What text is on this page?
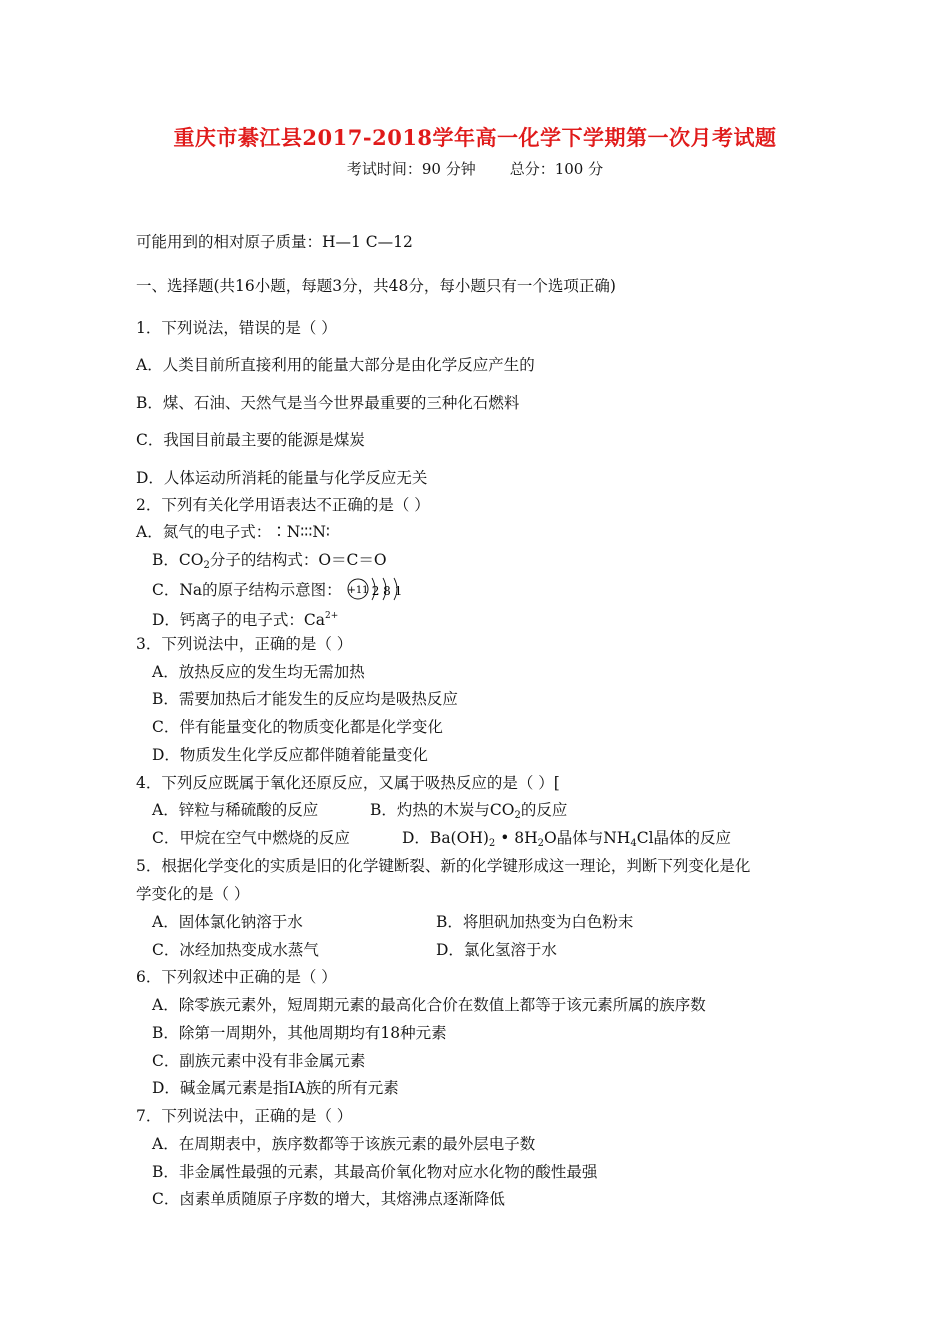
重庆市綦江县2017-2018学年高一化学下学期第一次月考试题
考试时间：90 分钟 总分：100 分
可能用到的相对原子质量：H—1 C—12
一、选择题(共16小题，每题3分，共48分，每小题只有一个选项正确)
1．下列说法，错误的是（ ）
A．人类目前所直接利用的能量大部分是由化学反应产生的
B．煤、石油、天然气是当今世界最重要的三种化石燃料
C．我国目前最主要的能源是煤炭
D．人体运动所消耗的能量与化学反应无关
2．下列有关化学用语表达不正确的是（ ）
A．氮气的电子式：∶N∶∶∶N∶
B．$CO_2$分子的结构式：O＝C＝O
C．Na的原子结构示意图： +11 2 8 1
D．钙离子的电子式：$Ca^{2+}$
3．下列说法中，正确的是（ ）
A．放热反应的发生均无需加热
B．需要加热后才能发生的反应均是吸热反应
C．伴有能量变化的物质变化都是化学变化
D．物质发生化学反应都伴随着能量变化
4．下列反应既属于氧化还原反应，又属于吸热反应的是（ ）[
A．锌粒与稀硫酸的反应	B．灼热的木炭与$CO_2$的反应
C．甲烷在空气中燃烧的反应	D．$Ba(OH)_2$ • $8H_2O$晶体与$NH_4Cl$晶体的反应
5．根据化学变化的实质是旧的化学键断裂、新的化学键形成这一理论，判断下列变化是化
学变化的是（ ）
A．固体氯化钠溶于水	B．将胆矾加热变为白色粉末
C．冰经加热变成水蒸气	D．氯化氢溶于水
6．下列叙述中正确的是（ ）
A．除零族元素外，短周期元素的最高化合价在数值上都等于该元素所属的族序数
B．除第一周期外，其他周期均有18种元素
C．副族元素中没有非金属元素
D．碱金属元素是指ⅠA族的所有元素
7．下列说法中，正确的是（ ）
A．在周期表中，族序数都等于该族元素的最外层电子数
B．非金属性最强的元素，其最高价氧化物对应水化物的酸性最强
C．卤素单质随原子序数的增大，其熔沸点逐渐降低
